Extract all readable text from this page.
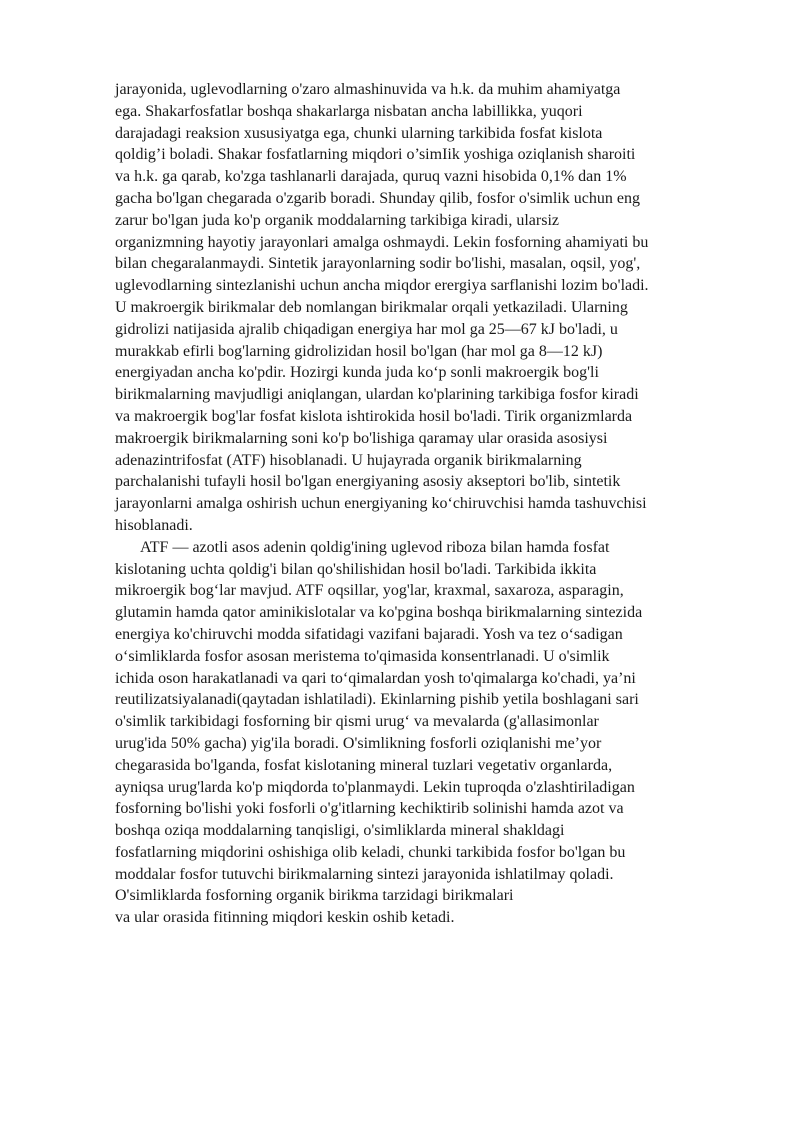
jarayonida, uglevodlarning o'zaro almashinuvida va h.k. da muhim ahamiyatga
ega. Shakarfosfatlar boshqa shakarlarga nisbatan ancha labillikka, yuqori
darajadagi reaksion xususiyatga ega, chunki ularning tarkibida fosfat kislota
qoldig’i boladi. Shakar fosfatlarning miqdori o’simIik yoshiga oziqlanish sharoiti
va h.k. ga qarab, ko'zga tashlanarli darajada, quruq vazni hisobida 0,1% dan 1%
gacha bo'lgan chegarada o'zgarib boradi. Shunday qilib, fosfor o'simlik uchun eng
zarur bo'lgan juda ko'p organik moddalarning tarkibiga kiradi, ularsiz
organizmning hayotiy jarayonlari amalga oshmaydi. Lekin fosforning ahamiyati bu
bilan chegaralanmaydi. Sintetik jarayonlarning sodir bo'lishi, masalan, oqsil, yog',
uglevodlarning sintezlanishi uchun ancha miqdor erergiya sarflanishi lozim bo'ladi.
U makroergik birikmalar deb nomlangan birikmalar orqali yetkaziladi. Ularning
gidrolizi natijasida ajralib chiqadigan energiya har mol ga 25—67 kJ bo'ladi, u
murakkab efirli bog'larning gidrolizidan hosil bo'lgan (har mol ga 8—12 kJ)
energiyadan ancha ko'pdir. Hozirgi kunda juda ko‘p sonli makroergik bog'li
birikmalarning mavjudligi aniqlangan, ulardan ko'plarining tarkibiga fosfor kiradi
va makroergik bog'lar fosfat kislota ishtirokida hosil bo'ladi. Tirik organizmlarda
makroergik birikmalarning soni ko'p bo'lishiga qaramay ular orasida asosiysi
adenazintrifosfat (ATF) hisoblanadi. U hujayrada organik birikmalarning
parchalanishi tufayli hosil bo'lgan energiyaning asosiy akseptori bo'lib, sintetik
jarayonlarni amalga oshirish uchun energiyaning ko‘chiruvchisi hamda tashuvchisi
hisoblanadi.
ATF — azotli asos adenin qoldig'ining uglevod riboza bilan hamda fosfat
kislotaning uchta qoldig'i bilan qo'shilishidan hosil bo'ladi. Tarkibida ikkita
mikroergik bog‘lar mavjud. ATF oqsillar, yog'lar, kraxmal, saxaroza, asparagin,
glutamin hamda qator aminikislotalar va ko'pgina boshqa birikmalarning sintezida
energiya ko'chiruvchi modda sifatidagi vazifani bajaradi. Yosh va tez o‘sadigan
o‘simliklarda fosfor asosan meristema to'qimasida konsentrlanadi. U o'simlik
ichida oson harakatlanadi va qari to‘qimalardan yosh to'qimalarga ko'chadi, ya’ni
reutilizatsiyalanadi(qaytadan ishlatiladi). Ekinlarning pishib yetila boshlagani sari
o'simlik tarkibidagi fosforning bir qismi urug‘ va mevalarda (g'allasimonlar
urug'ida 50% gacha) yig'ila boradi. O'simlikning fosforli oziqlanishi me’yor
chegarasida bo'lganda, fosfat kislotaning mineral tuzlari vegetativ organlarda,
ayniqsa urug'larda ko'p miqdorda to'planmaydi. Lekin tuproqda o'zlashtiriladigan
fosforning bo'lishi yoki fosforli o'g'itlarning kechiktirib solinishi hamda azot va
boshqa oziqa moddalarning tanqisligi, o'simliklarda mineral shakldagi
fosfatlarning miqdorini oshishiga olib keladi, chunki tarkibida fosfor bo'lgan bu
moddalar fosfor tutuvchi birikmalarning sintezi jarayonida ishlatilmay qoladi.
O'simliklarda fosforning organik birikma tarzidagi birikmalari
va ular orasida fitinning miqdori keskin oshib ketadi.
